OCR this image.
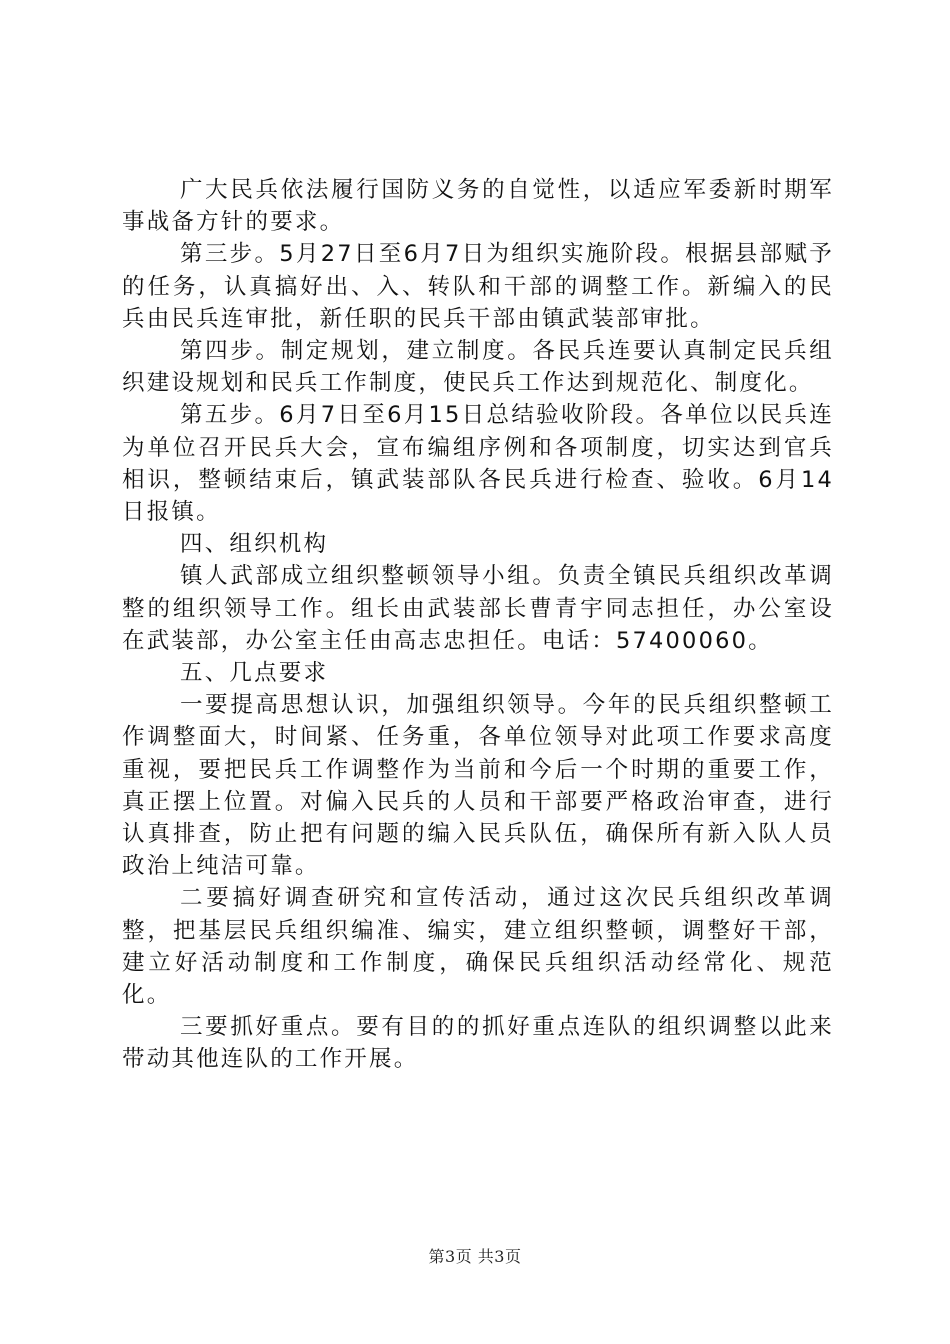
广大民兵依法履行国防义务的自觉性，以适应军委新时期军事战备方针的要求。

第三步。5月27日至6月7日为组织实施阶段。根据县部赋予的任务，认真搞好出、入、转队和干部的调整工作。新编入的民兵由民兵连审批，新任职的民兵干部由镇武装部审批。

第四步。制定规划，建立制度。各民兵连要认真制定民兵组织建设规划和民兵工作制度，使民兵工作达到规范化、制度化。

第五步。6月7日至6月15日总结验收阶段。各单位以民兵连为单位召开民兵大会，宣布编组序例和各项制度，切实达到官兵相识，整顿结束后，镇武装部队各民兵进行检查、验收。6月14日报镇。

四、组织机构

镇人武部成立组织整顿领导小组。负责全镇民兵组织改革调整的组织领导工作。组长由武装部长曹青宇同志担任，办公室设在武装部，办公室主任由高志忠担任。电话：57400060。

五、几点要求

一要提高思想认识，加强组织领导。今年的民兵组织整顿工作调整面大，时间紧、任务重，各单位领导对此项工作要求高度重视，要把民兵工作调整作为当前和今后一个时期的重要工作，真正摆上位置。对偏入民兵的人员和干部要严格政治审查，进行认真排查，防止把有问题的编入民兵队伍，确保所有新入队人员政治上纯洁可靠。

二要搞好调查研究和宣传活动，通过这次民兵组织改革调整，把基层民兵组织编准、编实，建立组织整顿，调整好干部，建立好活动制度和工作制度，确保民兵组织活动经常化、规范化。

三要抓好重点。要有目的的抓好重点连队的组织调整以此来带动其他连队的工作开展。

第3页 共3页
